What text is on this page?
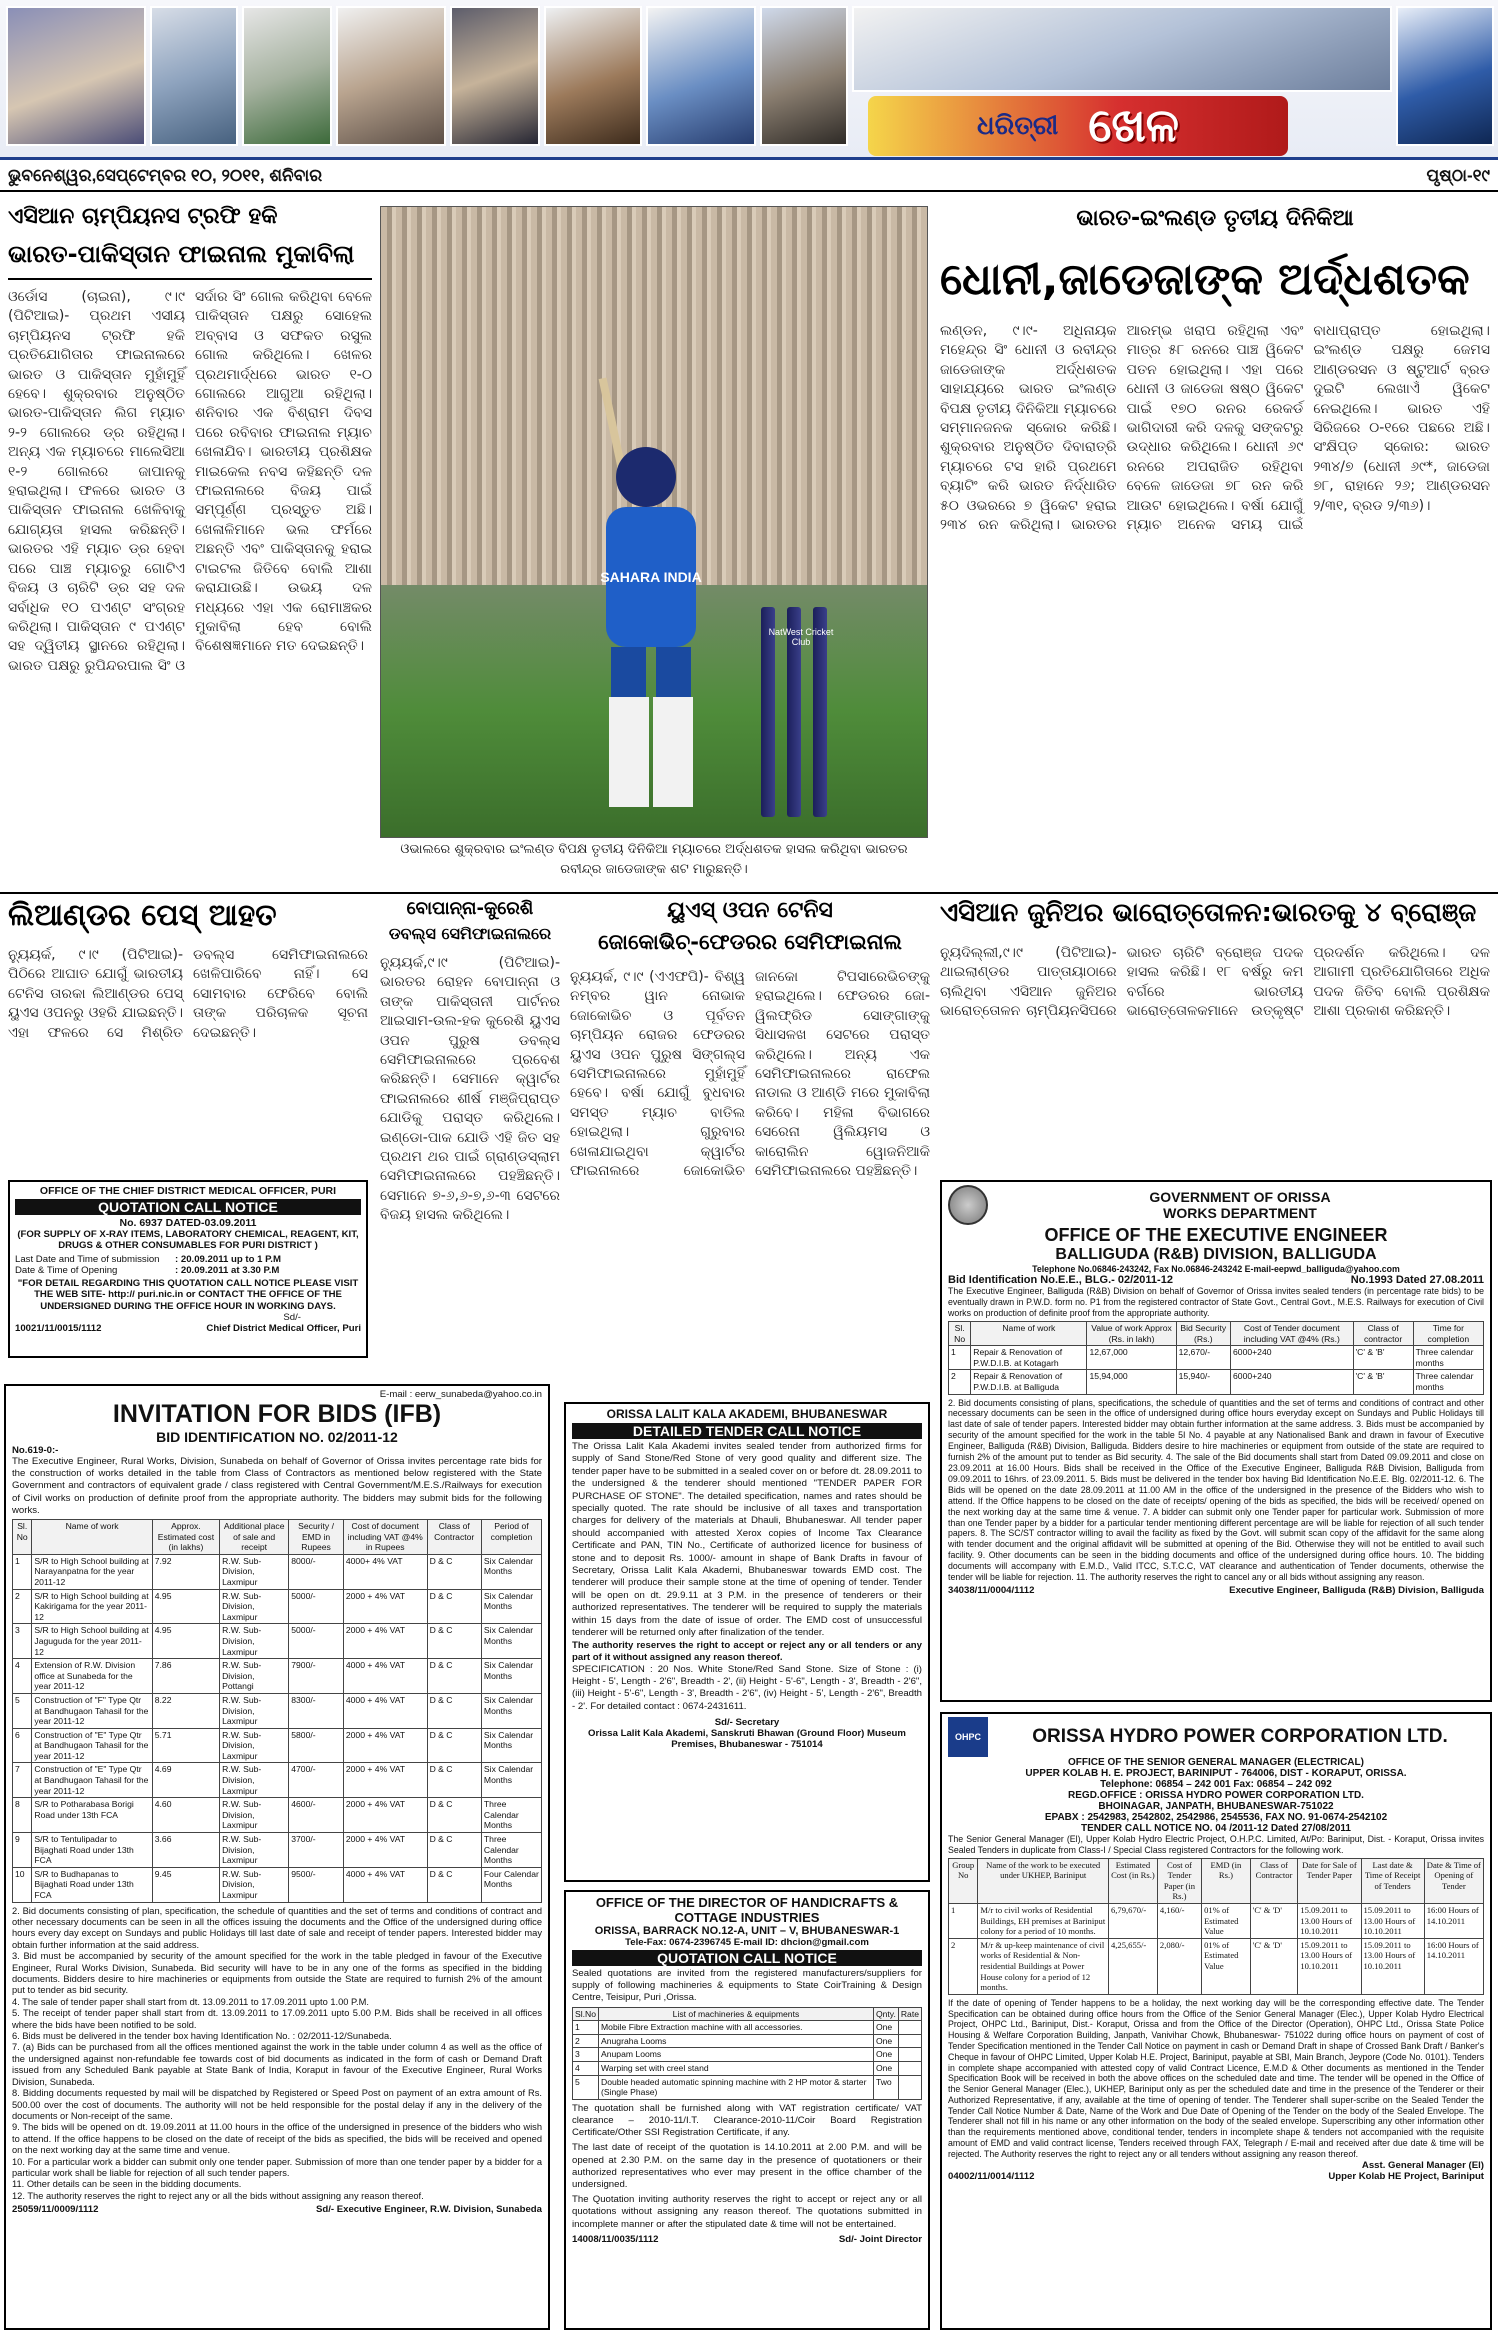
ଧରିତ୍ରୀ ଖେଳ
ଭୁବନେଶ୍ୱର,ସେପ୍ଟେମ୍ବର ୧୦, ୨୦୧୧, ଶନିବାର	ପୃଷ୍ଠା-୧୯
ଏସିଆନ ଚାମ୍ପିୟନସ ଟ୍ରଫି ହକି
ଭାରତ-ପାକିସ୍ତାନ ଫାଇନାଲ ମୁକାବିଲା
ଓର୍ଡୋସ (ଚାଇନା), ୯।୯ (ପିଟିଆଇ)- ପ୍ରଥମ ଏସୀୟ ଚାମ୍ପିୟନସ ଟ୍ରଫି ହକି ପ୍ରତିଯୋଗିତାର ଫାଇନାଲରେ ଭାରତ ଓ ପାକିସ୍ତାନ ମୁହାଁମୁହିଁ ହେବେ। ଶୁକ୍ରବାର ଅନୁଷ୍ଠିତ ଭାରତ-ପାକିସ୍ତାନ ଲିଗ ମ୍ୟାଚ ୨-୨ ଗୋଲରେ ଡ୍ର ରହିଥିଲା। ଅନ୍ୟ ଏକ ମ୍ୟାଚରେ ମାଲେସିଆ ୧-୨ ଗୋଲରେ ଜାପାନକୁ ହରାଇଥିଲା। ଫଳରେ ଭାରତ ଓ ପାକିସ୍ତାନ ଫାଇନାଲ ଖେଳିବାକୁ ଯୋଗ୍ୟତା ହାସଲ କରିଛନ୍ତି। ଭାରତର ଏହି ମ୍ୟାଚ ଡ୍ର ହେବା ପରେ ପାଞ୍ଚ ମ୍ୟାଚରୁ ଗୋଟିଏ ବିଜୟ ଓ ଚାରିଟି ଡ୍ର ସହ ଦଳ ସର୍ବାଧିକ ୧୦ ପଏଣ୍ଟ ସଂଗ୍ରହ କରିଥିଲା। ପାକିସ୍ତାନ ୯ ପଏଣ୍ଟ ସହ ଦ୍ୱିତୀୟ ସ୍ଥାନରେ ରହିଥିଲା। ଭାରତ ପକ୍ଷରୁ ରୁପିନ୍ଦରପାଲ ସିଂ ଓ ସର୍ଦାର ସିଂ ଗୋଲ କରିଥିବା ବେଳେ ପାକିସ୍ତାନ ପକ୍ଷରୁ ସୋହେଲ ଅବ୍ବାସ ଓ ସଫକତ ରସୁଲ ଗୋଲ କରିଥିଲେ। ଖେଳର ପ୍ରଥମାର୍ଦ୍ଧରେ ଭାରତ ୧-୦ ଗୋଲରେ ଆଗୁଆ ରହିଥିଲା। ଶନିବାର ଏକ ବିଶ୍ରାମ ଦିବସ ପରେ ରବିବାର ଫାଇନାଲ ମ୍ୟାଚ ଖେଳାଯିବ। ଭାରତୀୟ ପ୍ରଶିକ୍ଷକ ମାଇକେଲ ନବସ କହିଛନ୍ତି ଦଳ ଫାଇନାଲରେ ବିଜୟ ପାଇଁ ସମ୍ପୂର୍ଣ୍ଣ ପ୍ରସ୍ତୁତ ଅଛି। ଖେଳାଳିମାନେ ଭଲ ଫର୍ମରେ ଅଛନ୍ତି ଏବଂ ପାକିସ୍ତାନକୁ ହରାଇ ଟାଇଟଲ ଜିତିବେ ବୋଲି ଆଶା କରାଯାଉଛି। ଉଭୟ ଦଳ ମଧ୍ୟରେ ଏହା ଏକ ରୋମାଞ୍ଚକର ମୁକାବିଲା ହେବ ବୋଲି ବିଶେଷଜ୍ଞମାନେ ମତ ଦେଇଛନ୍ତି।
SAHARA INDIA
NatWest Cricket Club
ଓଭାଲରେ ଶୁକ୍ରବାର ଇଂଲଣ୍ଡ ବିପକ୍ଷ ତୃତୀୟ ଦିନିକିଆ ମ୍ୟାଚରେ ଅର୍ଦ୍ଧଶତକ ହାସଲ କରିଥିବା ଭାରତର ରବୀନ୍ଦ୍ର ଜାଡେଜାଙ୍କ ଶଟ ମାରୁଛନ୍ତି।
ଭାରତ-ଇଂଲଣ୍ଡ ତୃତୀୟ ଦିନିକିଆ
ଧୋନୀ,ଜାଡେଜାଙ୍କ ଅର୍ଦ୍ଧଶତକ
ଲଣ୍ଡନ, ୯।୯- ଅଧିନାୟକ ମହେନ୍ଦ୍ର ସିଂ ଧୋନୀ ଓ ରବୀନ୍ଦ୍ର ଜାଡେଜାଙ୍କ ଅର୍ଦ୍ଧଶତକ ସାହାଯ୍ୟରେ ଭାରତ ଇଂଲଣ୍ଡ ବିପକ୍ଷ ତୃତୀୟ ଦିନିକିଆ ମ୍ୟାଚରେ ସମ୍ମାନଜନକ ସ୍କୋର କରିଛି। ଶୁକ୍ରବାର ଅନୁଷ୍ଠିତ ଦିବାରାତ୍ରି ମ୍ୟାଚରେ ଟସ ହାରି ପ୍ରଥମେ ବ୍ୟାଟିଂ କରି ଭାରତ ନିର୍ଦ୍ଧାରିତ ୫୦ ଓଭରରେ ୭ ୱିକେଟ ହରାଇ ୨୩୪ ରନ କରିଥିଲା। ଭାରତର ଆରମ୍ଭ ଖରାପ ରହିଥିଲା ଏବଂ ମାତ୍ର ୫୮ ରନରେ ପାଞ୍ଚ ୱିକେଟ ପତନ ହୋଇଥିଲା। ଏହା ପରେ ଧୋନୀ ଓ ଜାଡେଜା ଷଷ୍ଠ ୱିକେଟ ପାଇଁ ୧୭୦ ରନର ରେକର୍ଡ ଭାଗିଦାରୀ କରି ଦଳକୁ ସଙ୍କଟରୁ ଉଦ୍ଧାର କରିଥିଲେ। ଧୋନୀ ୬୯ ରନରେ ଅପରାଜିତ ରହିଥିବା ବେଳେ ଜାଡେଜା ୭୮ ରନ କରି ଆଉଟ ହୋଇଥିଲେ। ବର୍ଷା ଯୋଗୁଁ ମ୍ୟାଚ ଅନେକ ସମୟ ପାଇଁ ବାଧାପ୍ରାପ୍ତ ହୋଇଥିଲା। ଇଂଲଣ୍ଡ ପକ୍ଷରୁ ଜେମସ ଆଣ୍ଡରସନ ଓ ଷ୍ଟୁଆର୍ଟ ବ୍ରଡ ଦୁଇଟି ଲେଖାଏଁ ୱିକେଟ ନେଇଥିଲେ। ଭାରତ ଏହି ସିରିଜରେ ୦-୧ରେ ପଛରେ ଅଛି। ସଂକ୍ଷିପ୍ତ ସ୍କୋର: ଭାରତ ୨୩୪/୭ (ଧୋନୀ ୬୯*, ଜାଡେଜା ୭୮, ରାହାନେ ୨୬; ଆଣ୍ଡରସନ ୨/୩୧, ବ୍ରଡ ୨/୩୬)।
ଲିଆଣ୍ଡର ପେସ୍ ଆହତ
ନ୍ୟୁୟର୍କ, ୯।୯ (ପିଟିଆଇ)- ପିଠିରେ ଆଘାତ ଯୋଗୁଁ ଭାରତୀୟ ଟେନିସ ତାରକା ଲିଆଣ୍ଡର ପେସ୍ ୟୁଏସ ଓପନରୁ ଓହରି ଯାଇଛନ୍ତି। ଏହା ଫଳରେ ସେ ମିଶ୍ରିତ ଡବଲ୍ସ ସେମିଫାଇନାଲରେ ଖେଳିପାରିବେ ନାହିଁ। ସେ ସୋମବାର ଫେରିବେ ବୋଲି ତାଙ୍କ ପରିଚାଳକ ସୂଚନା ଦେଇଛନ୍ତି।
ବୋପାନ୍ନା-କୁରେଶି
ଡବଲ୍ସ ସେମିଫାଇନାଲରେ
ନ୍ୟୁୟର୍କ,୯।୯ (ପିଟିଆଇ)- ଭାରତର ରୋହନ ବୋପାନ୍ନା ଓ ତାଙ୍କ ପାକିସ୍ତାନୀ ପାର୍ଟନର ଆଇସାମ-ଉଲ-ହକ କୁରେଶି ୟୁଏସ ଓପନ ପୁରୁଷ ଡବଲ୍ସ ସେମିଫାଇନାଲରେ ପ୍ରବେଶ କରିଛନ୍ତି। ସେମାନେ କ୍ୱାର୍ଟର ଫାଇନାଲରେ ଶୀର୍ଷ ମଞ୍ଜିପ୍ରାପ୍ତ ଯୋଡିକୁ ପରାସ୍ତ କରିଥିଲେ। ଇଣ୍ଡୋ-ପାକ ଯୋଡି ଏହି ଜିତ ସହ ପ୍ରଥମ ଥର ପାଇଁ ଗ୍ରାଣ୍ଡସ୍ଲାମ ସେମିଫାଇନାଲରେ ପହଞ୍ଚିଛନ୍ତି। ସେମାନେ ୭-୬,୬-୭,୬-୩ ସେଟରେ ବିଜୟ ହାସଲ କରିଥିଲେ।
ୟୁଏସ୍ ଓପନ ଟେନିସ
ଜୋକୋଭିଚ୍-ଫେଡରର ସେମିଫାଇନାଲ
ନ୍ୟୁୟର୍କ, ୯।୯ (ଏଏଫପି)- ବିଶ୍ୱ ନମ୍ବର ୱାନ ନୋଭାକ ଜୋକୋଭିଚ ଓ ପୂର୍ବତନ ଚାମ୍ପିୟନ ରୋଜର ଫେଡରର ୟୁଏସ ଓପନ ପୁରୁଷ ସିଙ୍ଗଲ୍ସ ସେମିଫାଇନାଲରେ ମୁହାଁମୁହିଁ ହେବେ। ବର୍ଷା ଯୋଗୁଁ ବୁଧବାର ସମସ୍ତ ମ୍ୟାଚ ବାତିଲ ହୋଇଥିଲା। ଗୁରୁବାର ଖେଳାଯାଇଥିବା କ୍ୱାର୍ଟର ଫାଇନାଲରେ ଜୋକୋଭିଚ ଜାନକୋ ଟିପସାରେଭିଚଙ୍କୁ ହରାଇଥିଲେ। ଫେଡରର ଜୋ-ୱିଲଫ୍ରିଡ ସୋଙ୍ଗାଙ୍କୁ ସିଧାସଳଖ ସେଟରେ ପରାସ୍ତ କରିଥିଲେ। ଅନ୍ୟ ଏକ ସେମିଫାଇନାଲରେ ରାଫେଲ ନାଡାଲ ଓ ଆଣ୍ଡି ମରେ ମୁକାବିଲା କରିବେ। ମହିଳା ବିଭାଗରେ ସେରେନା ୱିଲିୟମସ ଓ କାରୋଲିନ ୱୋଜନିଆକି ସେମିଫାଇନାଲରେ ପହଞ୍ଚିଛନ୍ତି।
ଏସିଆନ ଜୁନିଅର ଭାରୋତ୍ତୋଳନ:ଭାରତକୁ ୪ ବ୍ରୋଞ୍ଜ
ନ୍ୟୁଦିଲ୍ଲୀ,୯।୯ (ପିଟିଆଇ)- ଥାଇଲାଣ୍ଡର ପାତ୍ତାୟାଠାରେ ଚାଲିଥିବା ଏସିଆନ ଜୁନିଅର ଭାରୋତ୍ତୋଳନ ଚାମ୍ପିୟନସିପରେ ଭାରତ ଚାରିଟି ବ୍ରୋଞ୍ଜ ପଦକ ହାସଲ କରିଛି। ୧୮ ବର୍ଷରୁ କମ ବର୍ଗରେ ଭାରତୀୟ ଭାରୋତ୍ତୋଳକମାନେ ଉତ୍କୃଷ୍ଟ ପ୍ରଦର୍ଶନ କରିଥିଲେ। ଦଳ ଆଗାମୀ ପ୍ରତିଯୋଗିତାରେ ଅଧିକ ପଦକ ଜିତିବ ବୋଲି ପ୍ରଶିକ୍ଷକ ଆଶା ପ୍ରକାଶ କରିଛନ୍ତି।
OFFICE OF THE CHIEF DISTRICT MEDICAL OFFICER, PURI
QUOTATION CALL NOTICE
No. 6937 DATED-03.09.2011
(FOR SUPPLY OF X-RAY ITEMS, LABORATORY CHEMICAL, REAGENT, KIT, DRUGS & OTHER CONSUMABLES FOR PURI DISTRICT )
Last Date and Time of submission	: 20.09.2011 up to 1 P.M
Date & Time of Opening	: 20.09.2011 at 3.30 P.M
"FOR DETAIL REGARDING THIS QUOTATION CALL NOTICE PLEASE VISIT THE WEB SITE- http:// puri.nic.in or CONTACT THE OFFICE OF THE UNDERSIGNED DURING THE OFFICE HOUR IN WORKING DAYS.
Sd/-
10021/11/0015/1112	Chief District Medical Officer, Puri
E-mail : eerw_sunabeda@yahoo.co.in
INVITATION FOR BIDS (IFB)
BID IDENTIFICATION NO. 02/2011-12
No.619-0:-
The Executive Engineer, Rural Works, Division, Sunabeda on behalf of Governor of Orissa invites percentage rate bids for the construction of works detailed in the table from Class of Contractors as mentioned below registered with the State Government and contractors of equivalent grade / class registered with Central Government/M.E.S./Railways for execution of Civil works on production of definite proof from the appropriate authority. The bidders may submit bids for the following works.
Sl. No	Name of work	Approx. Estimated cost (in lakhs)	Additional place of sale and receipt	Security / EMD in Rupees	Cost of document including VAT @4% in Rupees	Class of Contractor	Period of completion
1	S/R to High School building at Narayanpatna for the year 2011-12	7.92	R.W. Sub-Division, Laxmipur	8000/-	4000+ 4% VAT	D & C	Six Calendar Months
2	S/R to High School building at Kakirigama for the year 2011-12	4.95	R.W. Sub-Division, Laxmipur	5000/-	2000 + 4% VAT	D & C	Six Calendar Months
3	S/R to High School building at Jaguguda for the year 2011-12	4.95	R.W. Sub-Division, Laxmipur	5000/-	2000 + 4% VAT	D & C	Six Calendar Months
4	Extension of R.W. Division office at Sunabeda for the year 2011-12	7.86	R.W. Sub-Division, Pottangi	7900/-	4000 + 4% VAT	D & C	Six Calendar Months
5	Construction of "F" Type Qtr at Bandhugaon Tahasil for the year 2011-12	8.22	R.W. Sub-Division, Laxmipur	8300/-	4000 + 4% VAT	D & C	Six Calendar Months
6	Construction of "E" Type Qtr at Bandhugaon Tahasil for the year 2011-12	5.71	R.W. Sub-Division, Laxmipur	5800/-	2000 + 4% VAT	D & C	Six Calendar Months
7	Construction of "E" Type Qtr at Bandhugaon Tahasil for the year 2011-12	4.69	R.W. Sub-Division, Laxmipur	4700/-	2000 + 4% VAT	D & C	Six Calendar Months
8	S/R to Potharabasa Borigi Road under 13th FCA	4.60	R.W. Sub-Division, Laxmipur	4600/-	2000 + 4% VAT	D & C	Three Calendar Months
9	S/R to Tentulipadar to Bijaghati Road under 13th FCA	3.66	R.W. Sub-Division, Laxmipur	3700/-	2000 + 4% VAT	D & C	Three Calendar Months
10	S/R to Budhapanas to Bijaghati Road under 13th FCA	9.45	R.W. Sub-Division, Laxmipur	9500/-	4000 + 4% VAT	D & C	Four Calendar Months
2. Bid documents consisting of plan, specification, the schedule of quantities and the set of terms and conditions of contract and other necessary documents can be seen in all the offices issuing the documents and the Office of the undersigned during office hours every day except on Sundays and public Holidays till last date of sale and receipt of tender papers. Interested bidder may obtain further information at the said address.
3. Bid must be accompanied by security of the amount specified for the work in the table pledged in favour of the Executive Engineer, Rural Works Division, Sunabeda. Bid security will have to be in any one of the forms as specified in the bidding documents. Bidders desire to hire machineries or equipments from outside the State are required to furnish 2% of the amount put to tender as bid security.
4. The sale of tender paper shall start from dt. 13.09.2011 to 17.09.2011 upto 1.00 P.M.
5. The receipt of tender paper shall start from dt. 13.09.2011 to 17.09.2011 upto 5.00 P.M. Bids shall be received in all offices where the bids have been notified to be sold.
6. Bids must be delivered in the tender box having Identification No. : 02/2011-12/Sunabeda.
7. (a) Bids can be purchased from all the offices mentioned against the work in the table under column 4 as well as the office of the undersigned against non-refundable fee towards cost of bid documents as indicated in the form of cash or Demand Draft issued from any Scheduled Bank payable at State Bank of India, Koraput in favour of the Executive Engineer, Rural Works Division, Sunabeda.
8. Bidding documents requested by mail will be dispatched by Registered or Speed Post on payment of an extra amount of Rs. 500.00 over the cost of documents. The authority will not be held responsible for the postal delay if any in the delivery of the documents or Non-receipt of the same.
9. The bids will be opened on dt. 19.09.2011 at 11.00 hours in the office of the undersigned in presence of the bidders who wish to attend. If the office happens to be closed on the date of receipt of the bids as specified, the bids will be received and opened on the next working day at the same time and venue.
10. For a particular work a bidder can submit only one tender paper. Submission of more than one tender paper by a bidder for a particular work shall be liable for rejection of all such tender papers.
11. Other details can be seen in the bidding documents.
12. The authority reserves the right to reject any or all the bids without assigning any reason thereof.
25059/11/0009/1112	Sd/- Executive Engineer, R.W. Division, Sunabeda
ORISSA LALIT KALA AKADEMI, BHUBANESWAR
DETAILED TENDER CALL NOTICE
The Orissa Lalit Kala Akademi invites sealed tender from authorized firms for supply of Sand Stone/Red Stone of very good quality and different size. The tender paper have to be submitted in a sealed cover on or before dt. 28.09.2011 to the undersigned & the tenderer should mentioned "TENDER PAPER FOR PURCHASE OF STONE". The detailed specification, names and rates should be specially quoted. The rate should be inclusive of all taxes and transportation charges for delivery of the materials at Dhauli, Bhubaneswar. All tender paper should accompanied with attested Xerox copies of Income Tax Clearance Certificate and PAN, TIN No., Certificate of authorized licence for business of stone and to deposit Rs. 1000/- amount in shape of Bank Drafts in favour of Secretary, Orissa Lalit Kala Akademi, Bhubaneswar towards EMD cost. The tenderer will produce their sample stone at the time of opening of tender. Tender will be open on dt. 29.9.11 at 3 P.M. in the presence of tenderers or their authorized representatives. The tenderer will be required to supply the materials within 15 days from the date of issue of order. The EMD cost of unsuccessful tenderer will be returned only after finalization of the tender.
The authority reserves the right to accept or reject any or all tenders or any part of it without assigned any reason thereof.
SPECIFICATION : 20 Nos. White Stone/Red Sand Stone. Size of Stone : (i) Height - 5', Length - 2'6", Breadth - 2', (ii) Height - 5'-6", Length - 3', Breadth - 2'6", (iii) Height - 5'-6", Length - 3', Breadth - 2'6", (iv) Height - 5', Length - 2'6", Breadth - 2'. For detailed contact : 0674-2431611.
Sd/- Secretary
Orissa Lalit Kala Akademi, Sanskruti Bhawan (Ground Floor) Museum Premises, Bhubaneswar - 751014
OFFICE OF THE DIRECTOR OF HANDICRAFTS & COTTAGE INDUSTRIES
ORISSA, BARRACK NO.12-A, UNIT – V, BHUBANESWAR-1
Tele-Fax: 0674-2396745 E-mail ID: dhcion@gmail.com
QUOTATION CALL NOTICE
Sealed quotations are invited from the registered manufacturers/suppliers for supply of following machineries & equipments to State CoirTraining & Design Centre, Teisipur, Puri ,Orissa.
Sl.No	List of machineries & equipments	Qnty.	Rate
1	Mobile Fibre Extraction machine with all accessories.	One	
2	Anugraha Looms	One	
3	Anupam Looms	One	
4	Warping set with creel stand	One	
5	Double headed automatic spinning machine with 2 HP motor & starter (Single Phase)	Two	
The quotation shall be furnished along with VAT registration certificate/ VAT clearance – 2010-11/I.T. Clearance-2010-11/Coir Board Registration Certificate/Other SSI Registration Certificate, if any.
The last date of receipt of the quotation is 14.10.2011 at 2.00 P.M. and will be opened at 2.30 P.M. on the same day in the presence of quotationers or their authorized representatives who ever may present in the office chamber of the undersigned.
The Quotation inviting authority reserves the right to accept or reject any or all quotations without assigning any reason thereof. The quotations submitted in incomplete manner or after the stipulated date & time will not be entertained.
14008/11/0035/1112	Sd/- Joint Director
GOVERNMENT OF ORISSA
WORKS DEPARTMENT
OFFICE OF THE EXECUTIVE ENGINEER
BALLIGUDA (R&B) DIVISION, BALLIGUDA
Telephone No.06846-243242, Fax No.06846-243242 E-mail-eepwd_balliguda@yahoo.com
Bid Identification No.E.E., BLG.- 02/2011-12	No.1993 Dated 27.08.2011
The Executive Engineer, Balliguda (R&B) Division on behalf of Governor of Orissa invites sealed tenders (in percentage rate bids) to be eventually drawn in P.W.D. form no. P1 from the registered contractor of State Govt., Central Govt., M.E.S. Railways for execution of Civil works on production of definite proof from the appropriate authority.
Sl. No	Name of work	Value of work Approx (Rs. in lakh)	Bid Security (Rs.)	Cost of Tender document including VAT @4% (Rs.)	Class of contractor	Time for completion
1	Repair & Renovation of P.W.D.I.B. at Kotagarh	12,67,000	12,670/-	6000+240	'C' & 'B'	Three calendar months
2	Repair & Renovation of P.W.D.I.B. at Balliguda	15,94,000	15,940/-	6000+240	'C' & 'B'	Three calendar months
2. Bid documents consisting of plans, specifications, the schedule of quantities and the set of terms and conditions of contract and other necessary documents can be seen in the office of undersigned during office hours everyday except on Sundays and Public Holidays till last date of sale of tender papers. Interested bidder may obtain further information at the same address. 3. Bids must be accompanied by security of the amount specified for the work in the table 5I No. 4 payable at any Nationalised Bank and drawn in favour of Executive Engineer, Balliguda (R&B) Division, Balliguda. Bidders desire to hire machineries or equipment from outside of the state are required to furnish 2% of the amount put to tender as Bid security. 4. The sale of the Bid documents shall start from Dated 09.09.2011 and close on 23.09.2011 at 16.00 Hours. Bids shall be received in the Office of the Executive Engineer, Balliguda R&B Division, Balliguda from 09.09.2011 to 16hrs. of 23.09.2011. 5. Bids must be delivered in the tender box having Bid Identification No.E.E. Blg. 02/2011-12. 6. The Bids will be opened on the date 28.09.2011 at 11.00 AM in the office of the undersigned in the presence of the Bidders who wish to attend. If the Office happens to be closed on the date of receipts/ opening of the bids as specified, the bids will be received/ opened on the next working day at the same time & venue. 7. A bidder can submit only one Tender paper for particular work. Submission of more than one Tender paper by a bidder for a particular tender mentioning different percentage are will be liable for rejection of all such tender papers. 8. The SC/ST contractor willing to avail the facility as fixed by the Govt. will submit scan copy of the affidavit for the same along with tender document and the original affidavit will be submitted at opening of the Bid. Otherwise they will not be entitled to avail such facility. 9. Other documents can be seen in the bidding documents and office of the undersigned during office hours. 10. The bidding documents will accompany with E.M.D., Valid ITCC, S.T.C.C, VAT clearance and authentication of Tender documents, otherwise the tender will be liable for rejection. 11. The authority reserves the right to cancel any or all bids without assigning any reason.
34038/11/0004/1112	Executive Engineer, Balliguda (R&B) Division, Balliguda
OHPC	ORISSA HYDRO POWER CORPORATION LTD.
OFFICE OF THE SENIOR GENERAL MANAGER (ELECTRICAL)
UPPER KOLAB H. E. PROJECT, BARINIPUT - 764006, DIST - KORAPUT, ORISSA.
Telephone: 06854 – 242 001 Fax: 06854 – 242 092
REGD.OFFICE : ORISSA HYDRO POWER CORPORATION LTD.
BHOINAGAR, JANPATH, BHUBANESWAR-751022
EPABX : 2542983, 2542802, 2542986, 2545536, FAX NO. 91-0674-2542102
TENDER CALL NOTICE NO. 04 /2011-12 Dated 27/08/2011
The Senior General Manager (El), Upper Kolab Hydro Electric Project, O.H.P.C. Limited, At/Po: Bariniput, Dist. - Koraput, Orissa invites Sealed Tenders in duplicate from Class-I / Special Class registered Contractors for the following work.
Group No	Name of the work to be executed under UKHEP, Bariniput	Estimated Cost (in Rs.)	Cost of Tender Paper (in Rs.)	EMD (in Rs.)	Class of Contractor	Date for Sale of Tender Paper	Last date & Time of Receipt of Tenders	Date & Time of Opening of Tender
1	M/r to civil works of Residential Buildings, EH premises at Bariniput colony for a period of 10 months.	6,79,670/-	4,160/-	01% of Estimated Value	'C' & 'D'	15.09.2011 to 13.00 Hours of 10.10.2011	15.09.2011 to 13.00 Hours of 10.10.2011	16:00 Hours of 14.10.2011
2	M/r & up-keep maintenance of civil works of Residential & Non-residential Buildings at Power House colony for a period of 12 months.	4,25,655/-	2,080/-	01% of Estimated Value	'C' & 'D'	15.09.2011 to 13.00 Hours of 10.10.2011	15.09.2011 to 13.00 Hours of 10.10.2011	16:00 Hours of 14.10.2011
If the date of opening of Tender happens to be a holiday, the next working day will be the corresponding effective date. The Tender Specification can be obtained during office hours from the Office of the Senior General Manager (Elec.), Upper Kolab Hydro Electrical Project, OHPC Ltd., Bariniput, Dist.- Koraput, Orissa and from the Office of the Director (Operation), OHPC Ltd., Orissa State Police Housing & Welfare Corporation Building, Janpath, Vanivihar Chowk, Bhubaneswar- 751022 during office hours on payment of cost of Tender Specification mentioned in the Tender Call Notice on payment in cash or Demand Draft in shape of Crossed Bank Draft / Banker's Cheque in favour of OHPC Limited, Upper Kolab H.E. Project, Bariniput, payable at SBI, Main Branch, Jeypore (Code No. 0101). Tenders in complete shape accompanied with attested copy of valid Contract Licence, E.M.D & Other documents as mentioned in the Tender Specification Book will be received in both the above offices on the scheduled date and time. The tender will be opened in the Office of the Senior General Manager (Elec.), UKHEP, Bariniput only as per the scheduled date and time in the presence of the Tenderer or their Authorized Representative, if any, available at the time of opening of tender. The Tenderer shall super-scribe on the Sealed Tender the Tender Call Notice Number & Date, Name of the Work and Due Date of Opening of the Tender on the body of the Sealed Envelope. The Tenderer shall not fill in his name or any other information on the body of the sealed envelope. Superscribing any other information other than the requirements mentioned above, conditional tender, tenders in incomplete shape & tenders not accompanied with the requisite amount of EMD and valid contract license, Tenders received through FAX, Telegraph / E-mail and received after due date & time will be rejected. The Authority reserves the right to reject any or all tenders without assigning any reason thereof.
Asst. General Manager (El)
04002/11/0014/1112	Upper Kolab HE Project, Bariniput
